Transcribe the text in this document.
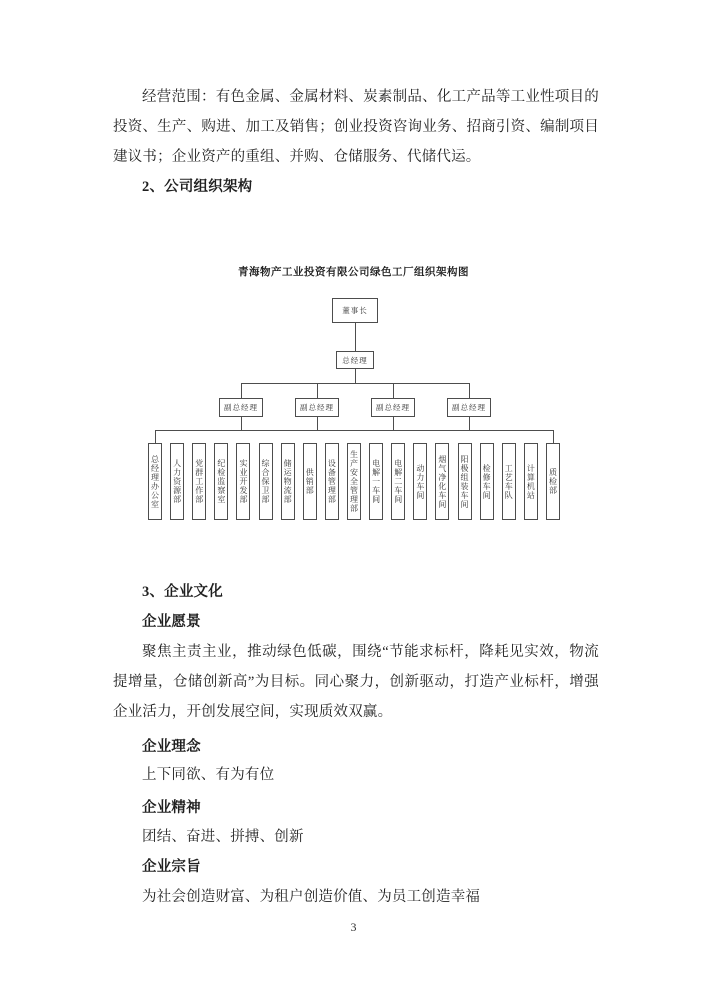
经营范围：有色金属、金属材料、炭素制品、化工产品等工业性项目的投资、生产、购进、加工及销售；创业投资咨询业务、招商引资、编制项目建议书；企业资产的重组、并购、仓储服务、代储代运。

2、公司组织架构

青海物产工业投资有限公司绿色工厂组织架构图
董事长
总经理
副总经理	副总经理	副总经理	副总经理
总经理办公室	人力资源部	党群工作部	纪检监察室	实业开发部	综合保卫部	储运物流部	供销部	设备管理部	生产安全管理部	电解一车间	电解二车间	动力车间	烟气净化车间	阳极组装车间	检修车间	工艺车队	计算机站	质检部

3、企业文化

企业愿景

聚焦主责主业，推动绿色低碳，围绕“节能求标杆，降耗见实效，物流提增量，仓储创新高”为目标。同心聚力，创新驱动，打造产业标杆，增强企业活力，开创发展空间，实现质效双赢。

企业理念

上下同欲、有为有位

企业精神

团结、奋进、拼搏、创新

企业宗旨

为社会创造财富、为租户创造价值、为员工创造幸福

3
